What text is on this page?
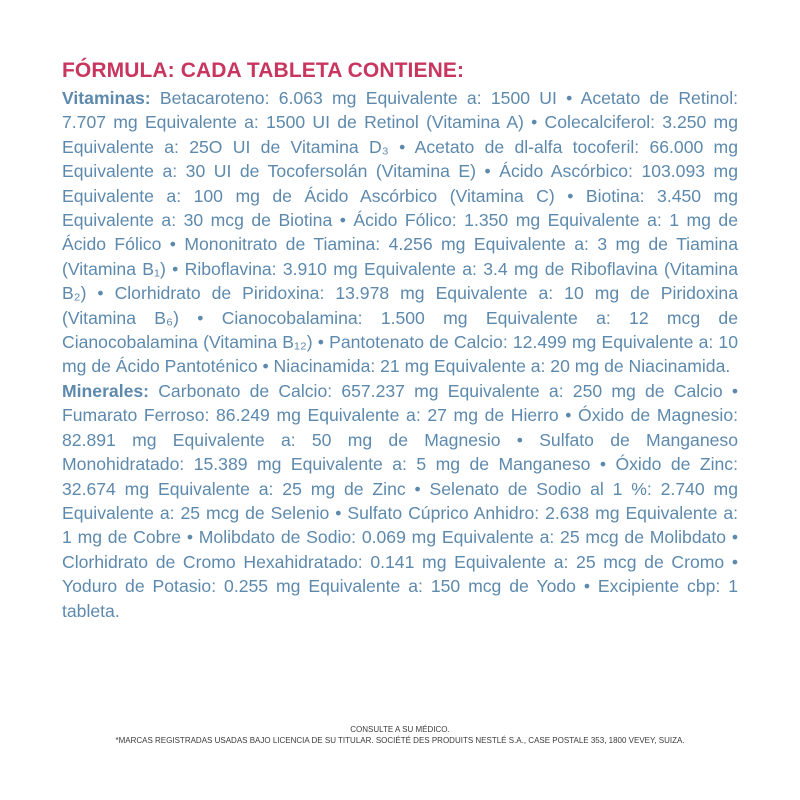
FÓRMULA: CADA TABLETA CONTIENE:

Vitaminas: Betacaroteno: 6.063 mg Equivalente a: 1500 UI • Acetato de Retinol: 7.707 mg Equivalente a: 1500 UI de Retinol (Vitamina A) • Colecalciferol: 3.250 mg Equivalente a: 25O UI de Vitamina D₃ • Acetato de dl-alfa tocoferil: 66.000 mg Equivalente a: 30 UI de Tocofersolán (Vitamina E) • Ácido Ascórbico: 103.093 mg Equivalente a: 100 mg de Ácido Ascórbico (Vitamina C) • Biotina: 3.450 mg Equivalente a: 30 mcg de Biotina • Ácido Fólico: 1.350 mg Equivalente a: 1 mg de Ácido Fólico • Mononitrato de Tiamina: 4.256 mg Equivalente a: 3 mg de Tiamina (Vitamina B₁) • Riboflavina: 3.910 mg Equivalente a: 3.4 mg de Riboflavina (Vitamina B₂) • Clorhidrato de Piridoxina: 13.978 mg Equivalente a: 10 mg de Piridoxina (Vitamina B₆) • Cianocobalamina: 1.500 mg Equivalente a: 12 mcg de Cianocobalamina (Vitamina B₁₂) • Pantotenato de Calcio: 12.499 mg Equivalente a: 10 mg de Ácido Pantoténico • Niacinamida: 21 mg Equivalente a: 20 mg de Niacinamida.

Minerales: Carbonato de Calcio: 657.237 mg Equivalente a: 250 mg de Calcio • Fumarato Ferroso: 86.249 mg Equivalente a: 27 mg de Hierro • Óxido de Magnesio: 82.891 mg Equivalente a: 50 mg de Magnesio • Sulfato de Manganeso Monohidratado: 15.389 mg Equivalente a: 5 mg de Manganeso • Óxido de Zinc: 32.674 mg Equivalente a: 25 mg de Zinc • Selenato de Sodio al 1 %: 2.740 mg Equivalente a: 25 mcg de Selenio • Sulfato Cúprico Anhidro: 2.638 mg Equivalente a: 1 mg de Cobre • Molibdato de Sodio: 0.069 mg Equivalente a: 25 mcg de Molibdato • Clorhidrato de Cromo Hexahidratado: 0.141 mg Equivalente a: 25 mcg de Cromo • Yoduro de Potasio: 0.255 mg Equivalente a: 150 mcg de Yodo • Excipiente cbp: 1 tableta.

CONSULTE A SU MÉDICO.
*MARCAS REGISTRADAS USADAS BAJO LICENCIA DE SU TITULAR. SOCIÉTÉ DES PRODUITS NESTLÉ S.A., CASE POSTALE 353, 1800 VEVEY, SUIZA.
